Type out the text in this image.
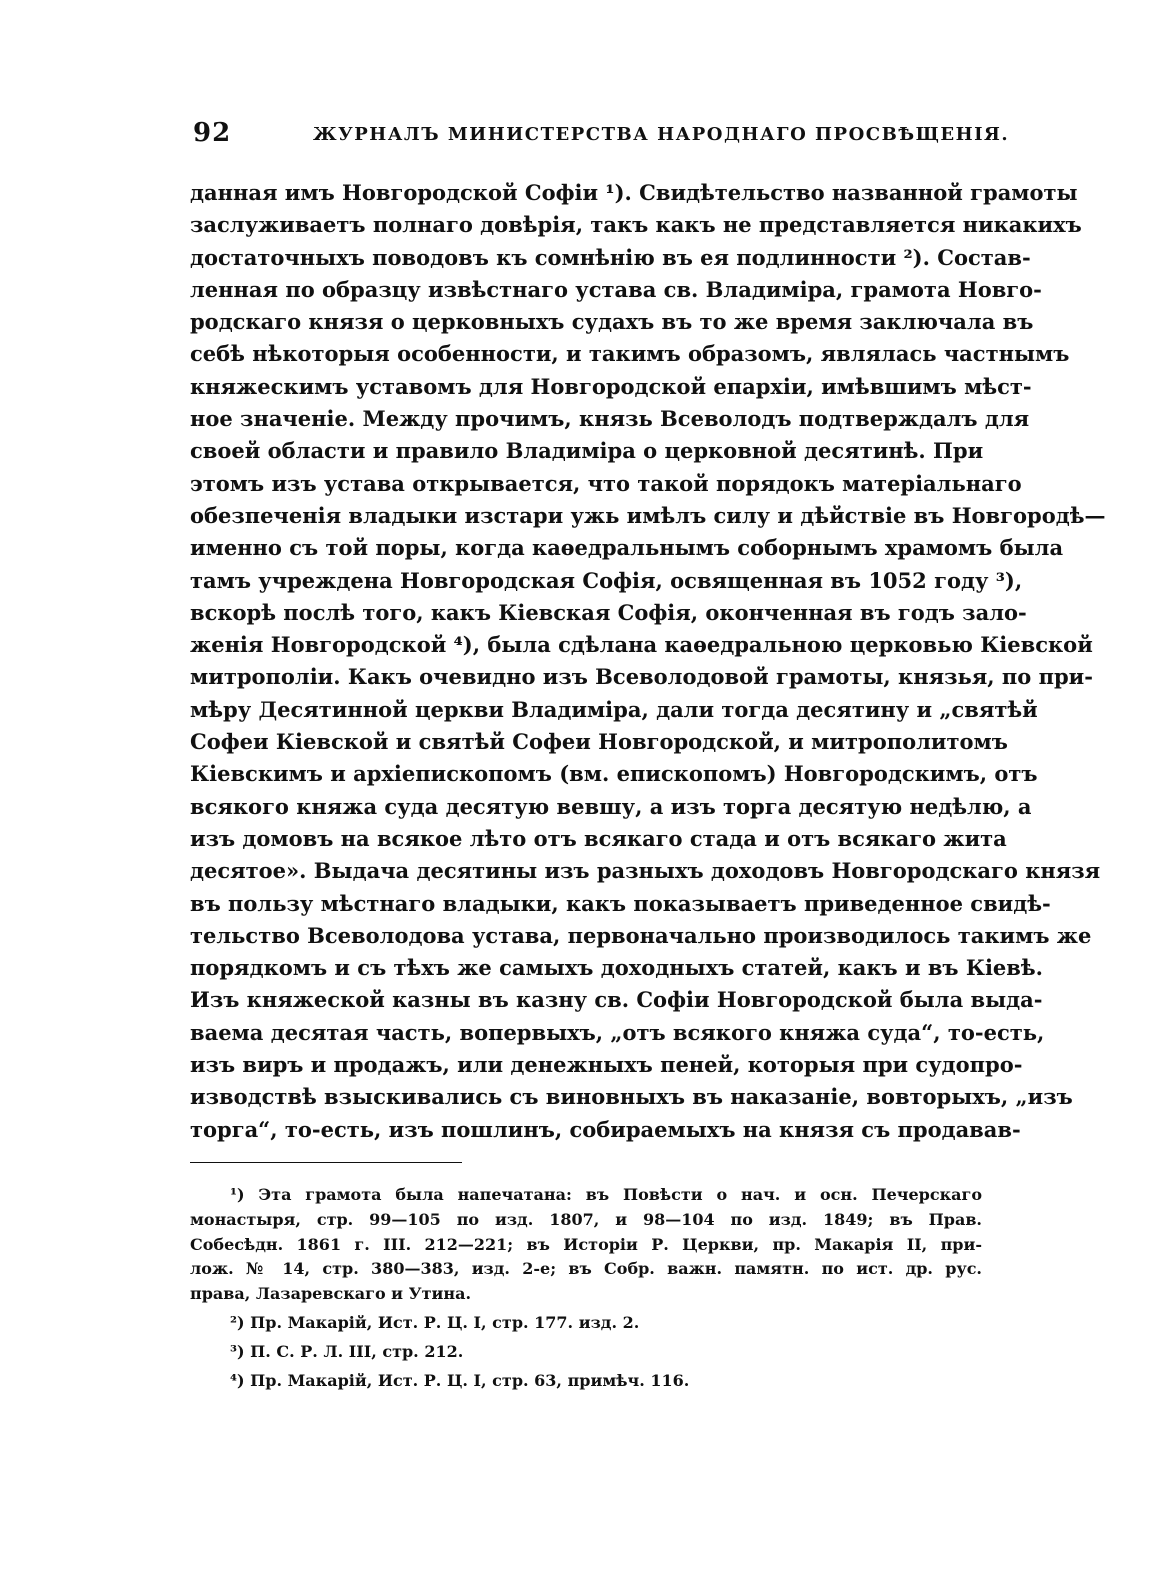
92	ЖУРНАЛЪ МИНИСТЕРСТВА НАРОДНАГО ПРОСВѢЩЕНІЯ.
данная имъ Новгородской Софіи ¹). Свидѣтельство названной грамоты
заслуживаетъ полнаго довѣрія, такъ какъ не представляется никакихъ
достаточныхъ поводовъ къ сомнѣнію въ ея подлинности ²). Состав-
ленная по образцу извѣстнаго устава св. Владиміра, грамота Новго-
родскаго князя о церковныхъ судахъ въ то же время заключала въ
себѣ нѣкоторыя особенности, и такимъ образомъ, являлась частнымъ
княжескимъ уставомъ для Новгородской епархіи, имѣвшимъ мѣст-
ное значеніе. Между прочимъ, князь Всеволодъ подтверждалъ для
своей области и правило Владиміра о церковной десятинѣ. При
этомъ изъ устава открывается, что такой порядокъ матеріальнаго
обезпеченія владыки изстари ужь имѣлъ силу и дѣйствіе въ Новгородѣ—
именно съ той поры, когда каѳедральнымъ соборнымъ храмомъ была
тамъ учреждена Новгородская Софія, освященная въ 1052 году ³),
вскорѣ послѣ того, какъ Кіевская Софія, оконченная въ годъ зало-
женія Новгородской ⁴), была сдѣлана каѳедральною церковью Кіевской
митрополіи. Какъ очевидно изъ Всеволодовой грамоты, князья, по при-
мѣру Десятинной церкви Владиміра, дали тогда десятину и „святѣй
Софеи Кіевской и святѣй Софеи Новгородской, и митрополитомъ
Кіевскимъ и архіепископомъ (вм. епископомъ) Новгородскимъ, отъ
всякого княжа суда десятую вевшу, а изъ торга десятую недѣлю, а
изъ домовъ на всякое лѣто отъ всякаго стада и отъ всякаго жита
десятое». Выдача десятины изъ разныхъ доходовъ Новгородскаго князя
въ пользу мѣстнаго владыки, какъ показываетъ приведенное свидѣ-
тельство Всеволодова устава, первоначально производилось такимъ же
порядкомъ и съ тѣхъ же самыхъ доходныхъ статей, какъ и въ Кіевѣ.
Изъ княжеской казны въ казну св. Софіи Новгородской была выда-
ваема десятая часть, вопервыхъ, „отъ всякого княжа суда“, то-есть,
изъ виръ и продажъ, или денежныхъ пеней, которыя при судопро-
изводствѣ взыскивались съ виновныхъ въ наказаніе, вовторыхъ, „изъ
торга“, то-есть, изъ пошлинъ, собираемыхъ на князя съ продавав-
¹) Эта грамота была напечатана: въ Повѣсти о нач. и осн. Печерскаго
монастыря, стр. 99—105 по изд. 1807, и 98—104 по изд. 1849; въ Прав.
Собесѣдн. 1861 г. III. 212—221; въ Исторіи Р. Церкви, пр. Макарія II, при-
лож. № 14, стр. 380—383, изд. 2-е; въ Собр. важн. памятн. по ист. др. рус.
права, Лазаревскаго и Утина.
²) Пр. Макарій, Ист. Р. Ц. I, стр. 177. изд. 2.
³) П. С. Р. Л. III, стр. 212.
⁴) Пр. Макарій, Ист. Р. Ц. I, стр. 63, примѣч. 116.
